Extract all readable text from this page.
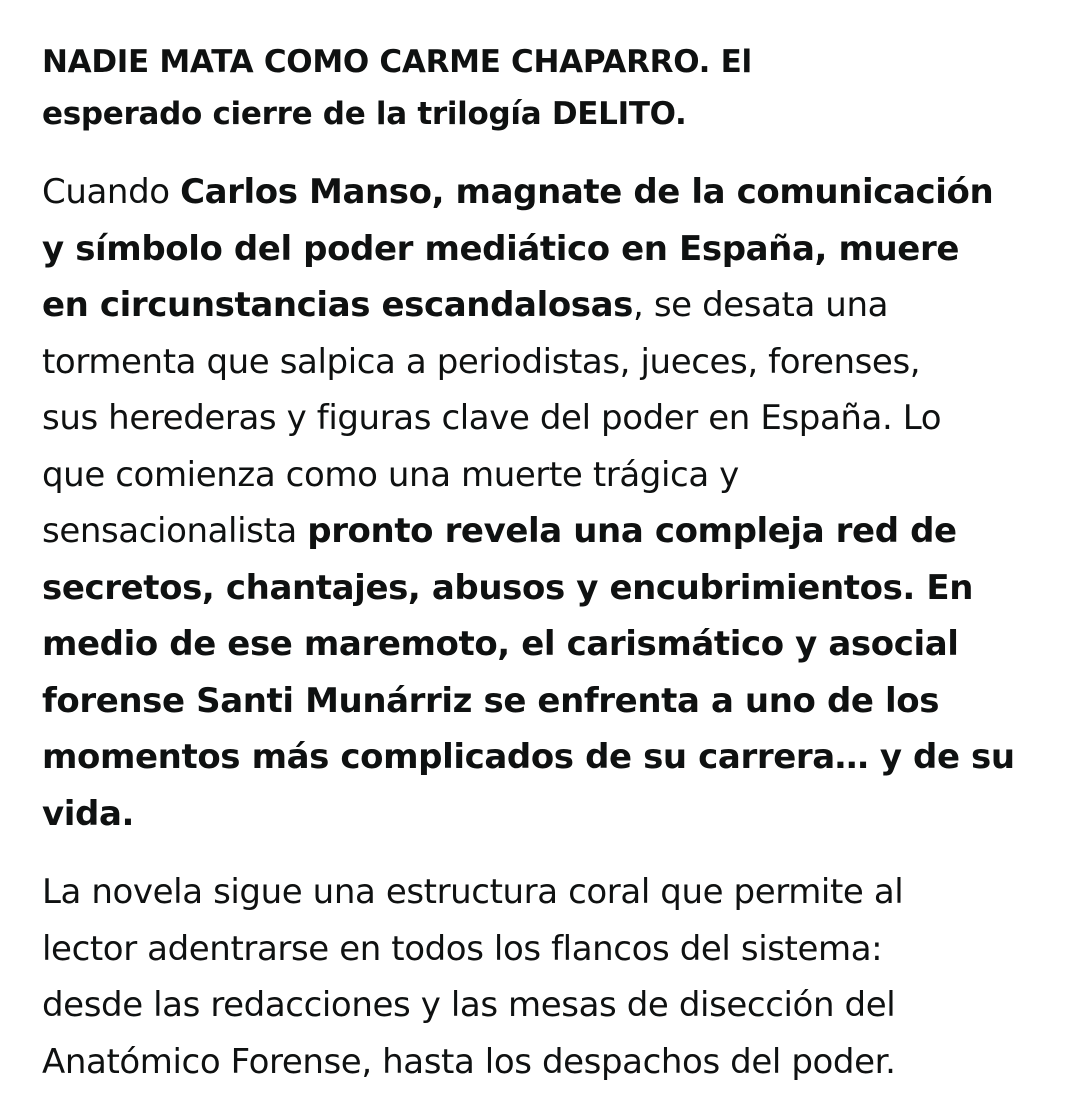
NADIE MATA COMO CARME CHAPARRO. El
esperado cierre de la trilogía DELITO.

Cuando Carlos Manso, magnate de la comunicación
y símbolo del poder mediático en España, muere
en circunstancias escandalosas, se desata una
tormenta que salpica a periodistas, jueces, forenses,
sus herederas y figuras clave del poder en España. Lo
que comienza como una muerte trágica y
sensacionalista pronto revela una compleja red de
secretos, chantajes, abusos y encubrimientos. En
medio de ese maremoto, el carismático y asocial
forense Santi Munárriz se enfrenta a uno de los
momentos más complicados de su carrera… y de su
vida.

La novela sigue una estructura coral que permite al
lector adentrarse en todos los flancos del sistema:
desde las redacciones y las mesas de disección del
Anatómico Forense, hasta los despachos del poder.
